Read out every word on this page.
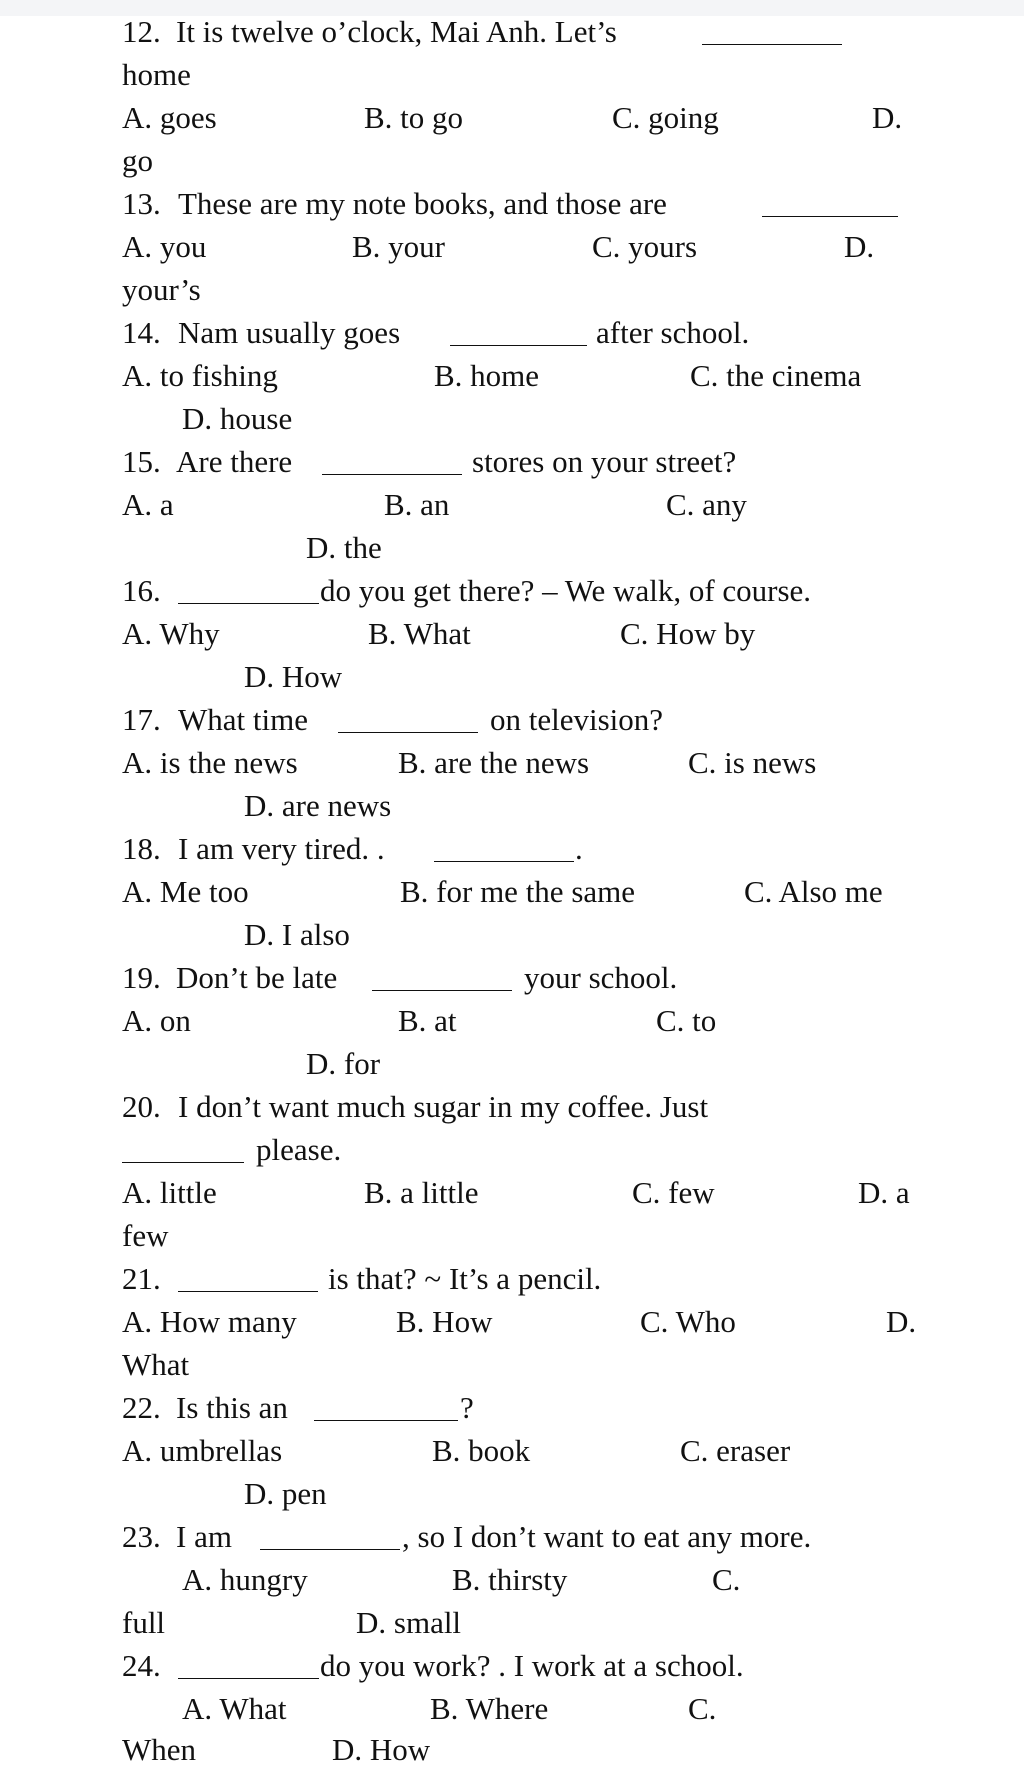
12. It is twelve o’clock, Mai Anh. Let’s
home
A. goes	B. to go	C. going	D.
go
13. These are my note books, and those are
A. you	B. your	C. yours	D.
your’s
14. Nam usually goes	after school.
A. to fishing	B. home	C. the cinema
D. house
15. Are there	stores on your street?
A. a	B. an	C. any
D. the
16.	do you get there? – We walk, of course.
A. Why	B. What	C. How by
D. How
17. What time	on television?
A. is the news	B. are the news	C. is news
D. are news
18. I am very tired. .	.
A. Me too	B. for me the same	C. Also me
D. I also
19. Don’t be late	your school.
A. on	B. at	C. to
D. for
20. I don’t want much sugar in my coffee. Just
please.
A. little	B. a little	C. few	D. a
few
21.	is that? ~ It’s a pencil.
A. How many	B. How	C. Who	D.
What
22. Is this an	?
A. umbrellas	B. book	C. eraser
D. pen
23. I am	, so I don’t want to eat any more.
A. hungry	B. thirsty	C.
full	D. small
24.	do you work? . I work at a school.
A. What	B. Where	C.
When	D. How
